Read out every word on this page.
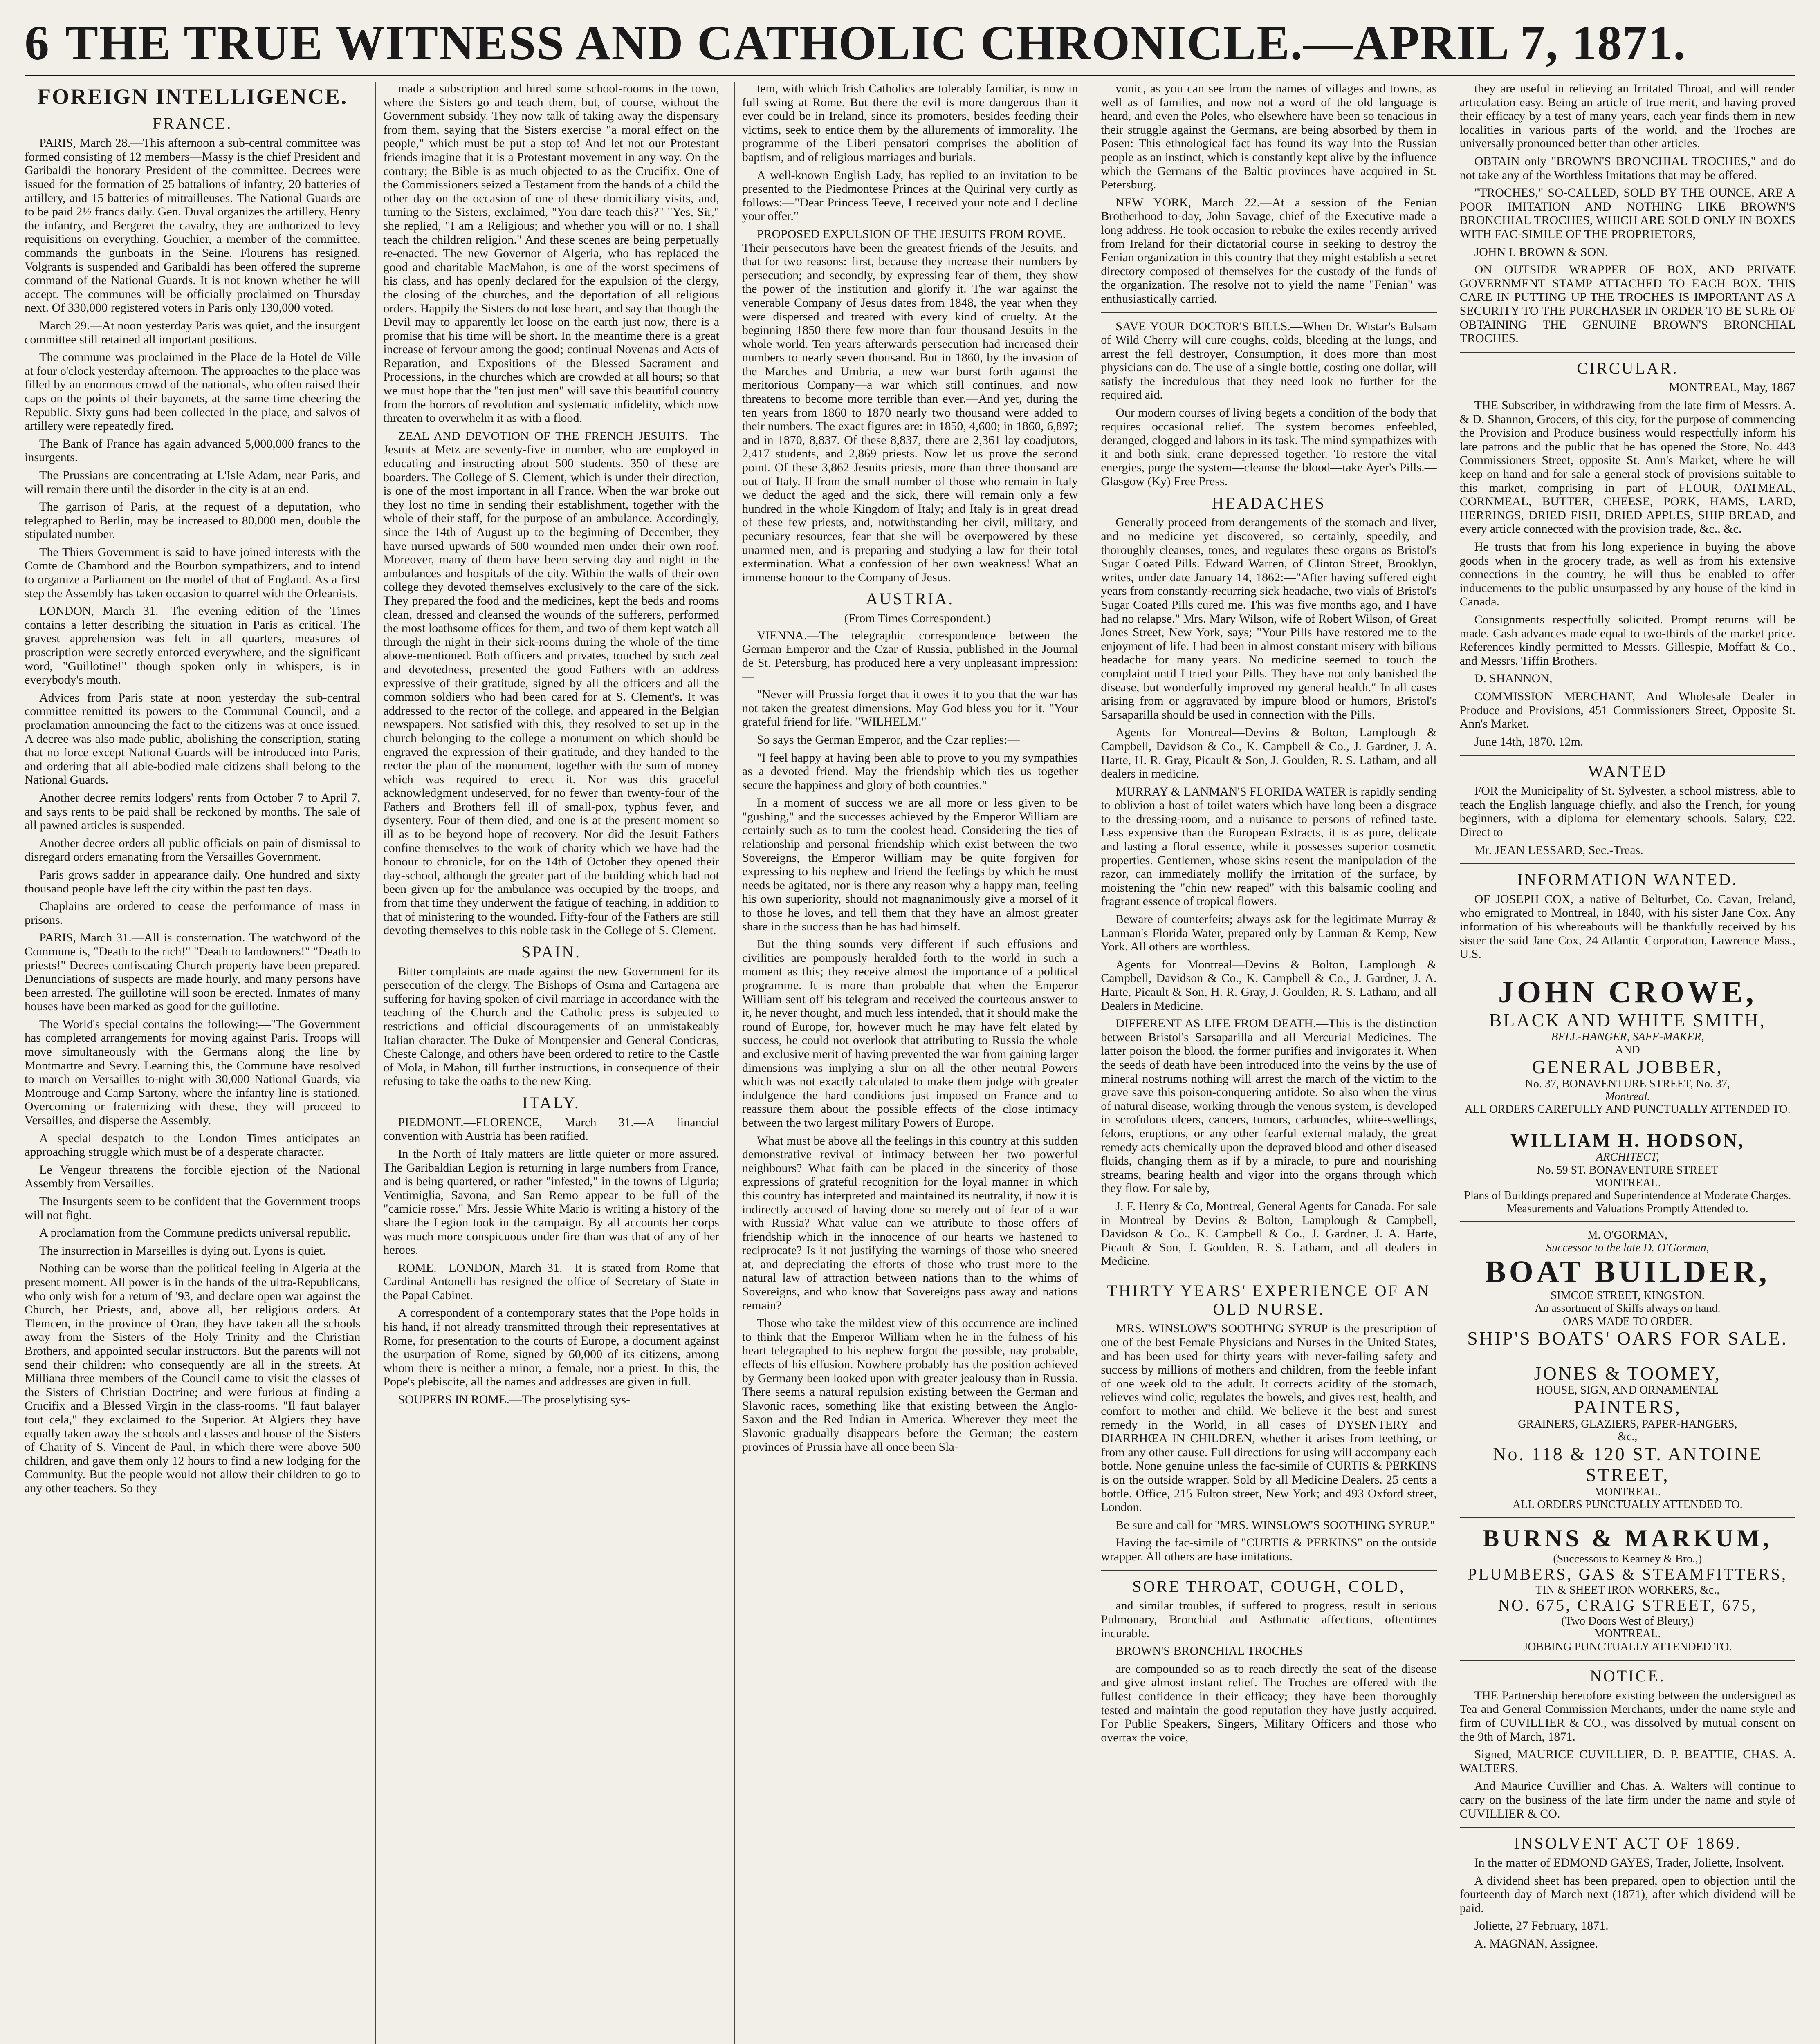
6 THE TRUE WITNESS AND CATHOLIC CHRONICLE.—APRIL 7, 1871.
FOREIGN INTELLIGENCE.
FRANCE.

PARIS, March 28.—This afternoon a sub-central committee was formed consisting of 12 members—Massy is the chief President and Garibaldi the honorary President of the committee. Decrees were issued for the formation of 25 battalions of infantry, 20 batteries of artillery, and 15 batteries of mitrailleuses. The National Guards are to be paid 2½ francs daily. Gen. Duval organizes the artillery, Henry the infantry, and Bergeret the cavalry, they are authorized to levy requisitions on everything. Gouchier, a member of the committee, commands the gunboats in the Seine. Flourens has resigned. Volgrants is suspended and Garibaldi has been offered the supreme command of the National Guards. It is not known whether he will accept. The communes will be officially proclaimed on Thursday next. Of 330,000 registered voters in Paris only 130,000 voted.

March 29.—At noon yesterday Paris was quiet, and the insurgent committee still retained all important positions.

The commune was proclaimed in the Place de la Hotel de Ville at four o'clock yesterday afternoon. The approaches to the place was filled by an enormous crowd of the nationals, who often raised their caps on the points of their bayonets, at the same time cheering the Republic. Sixty guns had been collected in the place, and salvos of artillery were repeatedly fired.

The Bank of France has again advanced 5,000,000 francs to the insurgents.

The Prussians are concentrating at L'Isle Adam, near Paris, and will remain there until the disorder in the city is at an end.

The garrison of Paris, at the request of a deputation, who telegraphed to Berlin, may be increased to 80,000 men, double the stipulated number.

The Thiers Government is said to have joined interests with the Comte de Chambord and the Bourbon sympathizers, and to intend to organize a Parliament on the model of that of England. As a first step the Assembly has taken occasion to quarrel with the Orleanists.

LONDON, March 31.—The evening edition of the Times contains a letter describing the situation in Paris as critical. The gravest apprehension was felt in all quarters, measures of proscription were secretly enforced everywhere, and the significant word, "Guillotine!" though spoken only in whispers, is in everybody's mouth.

Advices from Paris state at noon yesterday the sub-central committee remitted its powers to the Communal Council, and a proclamation announcing the fact to the citizens was at once issued. A decree was also made public, abolishing the conscription, stating that no force except National Guards will be introduced into Paris, and ordering that all able-bodied male citizens shall belong to the National Guards.

Another decree remits lodgers' rents from October 7 to April 7, and says rents to be paid shall be reckoned by months. The sale of all pawned articles is suspended.

Another decree orders all public officials on pain of dismissal to disregard orders emanating from the Versailles Government.

Paris grows sadder in appearance daily. One hundred and sixty thousand people have left the city within the past ten days.

Chaplains are ordered to cease the performance of mass in prisons.

PARIS, March 31.—All is consternation. The watchword of the Commune is, "Death to the rich!" "Death to landowners!" "Death to priests!" Decrees confiscating Church property have been prepared. Denunciations of suspects are made hourly, and many persons have been arrested. The guillotine will soon be erected. Inmates of many houses have been marked as good for the guillotine.

The World's special contains the following:—"The Government has completed arrangements for moving against Paris. Troops will move simultaneously with the Germans along the line by Montmartre and Sevry. Learning this, the Commune have resolved to march on Versailles to-night with 30,000 National Guards, via Montrouge and Camp Sartony, where the infantry line is stationed. Overcoming or fraternizing with these, they will proceed to Versailles, and disperse the Assembly.

A special despatch to the London Times anticipates an approaching struggle which must be of a desperate character.

Le Vengeur threatens the forcible ejection of the National Assembly from Versailles.

The Insurgents seem to be confident that the Government troops will not fight.

A proclamation from the Commune predicts universal republic.

The insurrection in Marseilles is dying out. Lyons is quiet.

Nothing can be worse than the political feeling in Algeria at the present moment. All power is in the hands of the ultra-Republicans, who only wish for a return of '93, and declare open war against the Church, her Priests, and, above all, her religious orders. At Tlemcen, in the province of Oran, they have taken all the schools away from the Sisters of the Holy Trinity and the Christian Brothers, and appointed secular instructors. But the parents will not send their children: who consequently are all in the streets. At Milliana three members of the Council came to visit the classes of the Sisters of Christian Doctrine; and were furious at finding a Crucifix and a Blessed Virgin in the class-rooms. "Il faut balayer tout cela," they exclaimed to the Superior. At Algiers they have equally taken away the schools and classes and house of the Sisters of Charity of S. Vincent de Paul, in which there were above 500 children, and gave them only 12 hours to find a new lodging for the Community. But the people would not allow their children to go to any other teachers. So they

made a subscription and hired some school-rooms in the town, where the Sisters go and teach them, but, of course, without the Government subsidy. They now talk of taking away the dispensary from them, saying that the Sisters exercise "a moral effect on the people," which must be put a stop to! And let not our Protestant friends imagine that it is a Protestant movement in any way. On the contrary; the Bible is as much objected to as the Crucifix. One of the Commissioners seized a Testament from the hands of a child the other day on the occasion of one of these domiciliary visits, and, turning to the Sisters, exclaimed, "You dare teach this?" "Yes, Sir," she replied, "I am a Religious; and whether you will or no, I shall teach the children religion." And these scenes are being perpetually re-enacted. The new Governor of Algeria, who has replaced the good and charitable MacMahon, is one of the worst specimens of his class, and has openly declared for the expulsion of the clergy, the closing of the churches, and the deportation of all religious orders. Happily the Sisters do not lose heart, and say that though the Devil may to apparently let loose on the earth just now, there is a promise that his time will be short. In the meantime there is a great increase of fervour among the good; continual Novenas and Acts of Reparation, and Expositions of the Blessed Sacrament and Processions, in the churches which are crowded at all hours; so that we must hope that the "ten just men" will save this beautiful country from the horrors of revolution and systematic infidelity, which now threaten to overwhelm it as with a flood.

ZEAL AND DEVOTION OF THE FRENCH JESUITS.—The Jesuits at Metz are seventy-five in number, who are employed in educating and instructing about 500 students. 350 of these are boarders. The College of S. Clement, which is under their direction, is one of the most important in all France. When the war broke out they lost no time in sending their establishment, together with the whole of their staff, for the purpose of an ambulance. Accordingly, since the 14th of August up to the beginning of December, they have nursed upwards of 500 wounded men under their own roof. Moreover, many of them have been serving day and night in the ambulances and hospitals of the city. Within the walls of their own college they devoted themselves exclusively to the care of the sick. They prepared the food and the medicines, kept the beds and rooms clean, dressed and cleansed the wounds of the sufferers, performed the most loathsome offices for them, and two of them kept watch all through the night in their sick-rooms during the whole of the time above-mentioned. Both officers and privates, touched by such zeal and devotedness, presented the good Fathers with an address expressive of their gratitude, signed by all the officers and all the common soldiers who had been cared for at S. Clement's. It was addressed to the rector of the college, and appeared in the Belgian newspapers. Not satisfied with this, they resolved to set up in the church belonging to the college a monument on which should be engraved the expression of their gratitude, and they handed to the rector the plan of the monument, together with the sum of money which was required to erect it. Nor was this graceful acknowledgment undeserved, for no fewer than twenty-four of the Fathers and Brothers fell ill of small-pox, typhus fever, and dysentery. Four of them died, and one is at the present moment so ill as to be beyond hope of recovery. Nor did the Jesuit Fathers confine themselves to the work of charity which we have had the honour to chronicle, for on the 14th of October they opened their day-school, although the greater part of the building which had not been given up for the ambulance was occupied by the troops, and from that time they underwent the fatigue of teaching, in addition to that of ministering to the wounded. Fifty-four of the Fathers are still devoting themselves to this noble task in the College of S. Clement.

SPAIN.

Bitter complaints are made against the new Government for its persecution of the clergy. The Bishops of Osma and Cartagena are suffering for having spoken of civil marriage in accordance with the teaching of the Church and the Catholic press is subjected to restrictions and official discouragements of an unmistakeably Italian character. The Duke of Montpensier and General Conticras, Cheste Calonge, and others have been ordered to retire to the Castle of Mola, in Mahon, till further instructions, in consequence of their refusing to take the oaths to the new King.

ITALY.

PIEDMONT.—FLORENCE, March 31.—A financial convention with Austria has been ratified.

In the North of Italy matters are little quieter or more assured. The Garibaldian Legion is returning in large numbers from France, and is being quartered, or rather "infested," in the towns of Liguria; Ventimiglia, Savona, and San Remo appear to be full of the "camicie rosse." Mrs. Jessie White Mario is writing a history of the share the Legion took in the campaign. By all accounts her corps was much more conspicuous under fire than was that of any of her heroes.

ROME.—LONDON, March 31.—It is stated from Rome that Cardinal Antonelli has resigned the office of Secretary of State in the Papal Cabinet.

A correspondent of a contemporary states that the Pope holds in his hand, if not already transmitted through their representatives at Rome, for presentation to the courts of Europe, a document against the usurpation of Rome, signed by 60,000 of its citizens, among whom there is neither a minor, a female, nor a priest. In this, the Pope's plebiscite, all the names and addresses are given in full.

SOUPERS IN ROME.—The proselytising sys-

tem, with which Irish Catholics are tolerably familiar, is now in full swing at Rome. But there the evil is more dangerous than it ever could be in Ireland, since its promoters, besides feeding their victims, seek to entice them by the allurements of immorality. The programme of the Liberi pensatori comprises the abolition of baptism, and of religious marriages and burials.

A well-known English Lady, has replied to an invitation to be presented to the Piedmontese Princes at the Quirinal very curtly as follows:—"Dear Princess Teeve, I received your note and I decline your offer."

PROPOSED EXPULSION OF THE JESUITS FROM ROME.—Their persecutors have been the greatest friends of the Jesuits, and that for two reasons: first, because they increase their numbers by persecution; and secondly, by expressing fear of them, they show the power of the institution and glorify it. The war against the venerable Company of Jesus dates from 1848, the year when they were dispersed and treated with every kind of cruelty. At the beginning 1850 there few more than four thousand Jesuits in the whole world. Ten years afterwards persecution had increased their numbers to nearly seven thousand. But in 1860, by the invasion of the Marches and Umbria, a new war burst forth against the meritorious Company—a war which still continues, and now threatens to become more terrible than ever.—And yet, during the ten years from 1860 to 1870 nearly two thousand were added to their numbers. The exact figures are: in 1850, 4,600; in 1860, 6,897; and in 1870, 8,837. Of these 8,837, there are 2,361 lay coadjutors, 2,417 students, and 2,869 priests. Now let us prove the second point. Of these 3,862 Jesuits priests, more than three thousand are out of Italy. If from the small number of those who remain in Italy we deduct the aged and the sick, there will remain only a few hundred in the whole Kingdom of Italy; and Italy is in great dread of these few priests, and, notwithstanding her civil, military, and pecuniary resources, fear that she will be overpowered by these unarmed men, and is preparing and studying a law for their total extermination. What a confession of her own weakness! What an immense honour to the Company of Jesus.

AUSTRIA.

(From Times Correspondent.)

VIENNA.—The telegraphic correspondence between the German Emperor and the Czar of Russia, published in the Journal de St. Petersburg, has produced here a very unpleasant impression:—

"Never will Prussia forget that it owes it to you that the war has not taken the greatest dimensions. May God bless you for it. "Your grateful friend for life. "WILHELM."

So says the German Emperor, and the Czar replies:—

"I feel happy at having been able to prove to you my sympathies as a devoted friend. May the friendship which ties us together secure the happiness and glory of both countries."

In a moment of success we are all more or less given to be "gushing," and the successes achieved by the Emperor William are certainly such as to turn the coolest head. Considering the ties of relationship and personal friendship which exist between the two Sovereigns, the Emperor William may be quite forgiven for expressing to his nephew and friend the feelings by which he must needs be agitated, nor is there any reason why a happy man, feeling his own superiority, should not magnanimously give a morsel of it to those he loves, and tell them that they have an almost greater share in the success than he has had himself.

But the thing sounds very different if such effusions and civilities are pompously heralded forth to the world in such a moment as this; they receive almost the importance of a political programme. It is more than probable that when the Emperor William sent off his telegram and received the courteous answer to it, he never thought, and much less intended, that it should make the round of Europe, for, however much he may have felt elated by success, he could not overlook that attributing to Russia the whole and exclusive merit of having prevented the war from gaining larger dimensions was implying a slur on all the other neutral Powers which was not exactly calculated to make them judge with greater indulgence the hard conditions just imposed on France and to reassure them about the possible effects of the close intimacy between the two largest military Powers of Europe.

What must be above all the feelings in this country at this sudden demonstrative revival of intimacy between her two powerful neighbours? What faith can be placed in the sincerity of those expressions of grateful recognition for the loyal manner in which this country has interpreted and maintained its neutrality, if now it is indirectly accused of having done so merely out of fear of a war with Russia? What value can we attribute to those offers of friendship which in the innocence of our hearts we hastened to reciprocate? Is it not justifying the warnings of those who sneered at, and depreciating the efforts of those who trust more to the natural law of attraction between nations than to the whims of Sovereigns, and who know that Sovereigns pass away and nations remain?

Those who take the mildest view of this occurrence are inclined to think that the Emperor William when he in the fulness of his heart telegraphed to his nephew forgot the possible, nay probable, effects of his effusion. Nowhere probably has the position achieved by Germany been looked upon with greater jealousy than in Russia. There seems a natural repulsion existing between the German and Slavonic races, something like that existing between the Anglo-Saxon and the Red Indian in America. Wherever they meet the Slavonic gradually disappears before the German; the eastern provinces of Prussia have all once been Sla-

vonic, as you can see from the names of villages and towns, as well as of families, and now not a word of the old language is heard, and even the Poles, who elsewhere have been so tenacious in their struggle against the Germans, are being absorbed by them in Posen: This ethnological fact has found its way into the Russian people as an instinct, which is constantly kept alive by the influence which the Germans of the Baltic provinces have acquired in St. Petersburg.

NEW YORK, March 22.—At a session of the Fenian Brotherhood to-day, John Savage, chief of the Executive made a long address. He took occasion to rebuke the exiles recently arrived from Ireland for their dictatorial course in seeking to destroy the Fenian organization in this country that they might establish a secret directory composed of themselves for the custody of the funds of the organization. The resolve not to yield the name "Fenian" was enthusiastically carried.

SAVE YOUR DOCTOR'S BILLS.—When Dr. Wistar's Balsam of Wild Cherry will cure coughs, colds, bleeding at the lungs, and arrest the fell destroyer, Consumption, it does more than most physicians can do. The use of a single bottle, costing one dollar, will satisfy the incredulous that they need look no further for the required aid.

Our modern courses of living begets a condition of the body that requires occasional relief. The system becomes enfeebled, deranged, clogged and labors in its task. The mind sympathizes with it and both sink, crane depressed together. To restore the vital energies, purge the system—cleanse the blood—take Ayer's Pills.—Glasgow (Ky) Free Press.

HEADACHES

Generally proceed from derangements of the stomach and liver, and no medicine yet discovered, so certainly, speedily, and thoroughly cleanses, tones, and regulates these organs as Bristol's Sugar Coated Pills. Edward Warren, of Clinton Street, Brooklyn, writes, under date January 14, 1862:—"After having suffered eight years from constantly-recurring sick headache, two vials of Bristol's Sugar Coated Pills cured me. This was five months ago, and I have had no relapse." Mrs. Mary Wilson, wife of Robert Wilson, of Great Jones Street, New York, says; "Your Pills have restored me to the enjoyment of life. I had been in almost constant misery with bilious headache for many years. No medicine seemed to touch the complaint until I tried your Pills. They have not only banished the disease, but wonderfully improved my general health." In all cases arising from or aggravated by impure blood or humors, Bristol's Sarsaparilla should be used in connection with the Pills.

Agents for Montreal—Devins & Bolton, Lamplough & Campbell, Davidson & Co., K. Campbell & Co., J. Gardner, J. A. Harte, H. R. Gray, Picault & Son, J. Goulden, R. S. Latham, and all dealers in medicine.

MURRAY & LANMAN'S FLORIDA WATER is rapidly sending to oblivion a host of toilet waters which have long been a disgrace to the dressing-room, and a nuisance to persons of refined taste. Less expensive than the European Extracts, it is as pure, delicate and lasting a floral essence, while it possesses superior cosmetic properties. Gentlemen, whose skins resent the manipulation of the razor, can immediately mollify the irritation of the surface, by moistening the "chin new reaped" with this balsamic cooling and fragrant essence of tropical flowers.

Beware of counterfeits; always ask for the legitimate Murray & Lanman's Florida Water, prepared only by Lanman & Kemp, New York. All others are worthless.

Agents for Montreal—Devins & Bolton, Lamplough & Campbell, Davidson & Co., K. Campbell & Co., J. Gardner, J. A. Harte, Picault & Son, H. R. Gray, J. Goulden, R. S. Latham, and all Dealers in Medicine.

DIFFERENT AS LIFE FROM DEATH.—This is the distinction between Bristol's Sarsaparilla and all Mercurial Medicines. The latter poison the blood, the former purifies and invigorates it. When the seeds of death have been introduced into the veins by the use of mineral nostrums nothing will arrest the march of the victim to the grave save this poison-conquering antidote. So also when the virus of natural disease, working through the venous system, is developed in scrofulous ulcers, cancers, tumors, carbuncles, white-swellings, felons, eruptions, or any other fearful external malady, the great remedy acts chemically upon the depraved blood and other diseased fluids, changing them as if by a miracle, to pure and nourishing streams, bearing health and vigor into the organs through which they flow. For sale by,

J. F. Henry & Co, Montreal, General Agents for Canada. For sale in Montreal by Devins & Bolton, Lamplough & Campbell, Davidson & Co., K. Campbell & Co., J. Gardner, J. A. Harte, Picault & Son, J. Goulden, R. S. Latham, and all dealers in Medicine.

THIRTY YEARS' EXPERIENCE OF AN OLD NURSE.

MRS. WINSLOW'S SOOTHING SYRUP is the prescription of one of the best Female Physicians and Nurses in the United States, and has been used for thirty years with never-failing safety and success by millions of mothers and children, from the feeble infant of one week old to the adult. It corrects acidity of the stomach, relieves wind colic, regulates the bowels, and gives rest, health, and comfort to mother and child. We believe it the best and surest remedy in the World, in all cases of DYSENTERY and DIARRHŒA IN CHILDREN, whether it arises from teething, or from any other cause. Full directions for using will accompany each bottle. None genuine unless the fac-simile of CURTIS & PERKINS is on the outside wrapper. Sold by all Medicine Dealers. 25 cents a bottle. Office, 215 Fulton street, New York; and 493 Oxford street, London.

Be sure and call for "MRS. WINSLOW'S SOOTHING SYRUP."

Having the fac-simile of "CURTIS & PERKINS" on the outside wrapper. All others are base imitations.

SORE THROAT, COUGH, COLD,

and similar troubles, if suffered to progress, result in serious Pulmonary, Bronchial and Asthmatic affections, oftentimes incurable.

BROWN'S BRONCHIAL TROCHES

are compounded so as to reach directly the seat of the disease and give almost instant relief. The Troches are offered with the fullest confidence in their efficacy; they have been thoroughly tested and maintain the good reputation they have justly acquired. For Public Speakers, Singers, Military Officers and those who overtax the voice,

they are useful in relieving an Irritated Throat, and will render articulation easy. Being an article of true merit, and having proved their efficacy by a test of many years, each year finds them in new localities in various parts of the world, and the Troches are universally pronounced better than other articles.

OBTAIN only "BROWN'S BRONCHIAL TROCHES," and do not take any of the Worthless Imitations that may be offered.

"TROCHES," SO-CALLED, SOLD BY THE OUNCE, ARE A POOR IMITATION AND NOTHING LIKE BROWN'S BRONCHIAL TROCHES, WHICH ARE SOLD ONLY IN BOXES WITH FAC-SIMILE OF THE PROPRIETORS,

JOHN I. BROWN & SON.

ON OUTSIDE WRAPPER OF BOX, AND PRIVATE GOVERNMENT STAMP ATTACHED TO EACH BOX. THIS CARE IN PUTTING UP THE TROCHES IS IMPORTANT AS A SECURITY TO THE PURCHASER IN ORDER TO BE SURE OF OBTAINING THE GENUINE BROWN'S BRONCHIAL TROCHES.

CIRCULAR.

MONTREAL, May, 1867

THE Subscriber, in withdrawing from the late firm of Messrs. A. & D. Shannon, Grocers, of this city, for the purpose of commencing the Provision and Produce business would respectfully inform his late patrons and the public that he has opened the Store, No. 443 Commissioners Street, opposite St. Ann's Market, where he will keep on hand and for sale a general stock of provisions suitable to this market, comprising in part of FLOUR, OATMEAL, CORNMEAL, BUTTER, CHEESE, PORK, HAMS, LARD, HERRINGS, DRIED FISH, DRIED APPLES, SHIP BREAD, and every article connected with the provision trade, &c., &c.

He trusts that from his long experience in buying the above goods when in the grocery trade, as well as from his extensive connections in the country, he will thus be enabled to offer inducements to the public unsurpassed by any house of the kind in Canada.

Consignments respectfully solicited. Prompt returns will be made. Cash advances made equal to two-thirds of the market price. References kindly permitted to Messrs. Gillespie, Moffatt & Co., and Messrs. Tiffin Brothers.

D. SHANNON,

COMMISSION MERCHANT, And Wholesale Dealer in Produce and Provisions, 451 Commissioners Street, Opposite St. Ann's Market.

June 14th, 1870. 12m.

WANTED

FOR the Municipality of St. Sylvester, a school mistress, able to teach the English language chiefly, and also the French, for young beginners, with a diploma for elementary schools. Salary, £22. Direct to

Mr. JEAN LESSARD, Sec.-Treas.

INFORMATION WANTED.

OF JOSEPH COX, a native of Belturbet, Co. Cavan, Ireland, who emigrated to Montreal, in 1840, with his sister Jane Cox. Any information of his whereabouts will be thankfully received by his sister the said Jane Cox, 24 Atlantic Corporation, Lawrence Mass., U.S.

JOHN CROWE,
BLACK AND WHITE SMITH,
BELL-HANGER, SAFE-MAKER,
AND
GENERAL JOBBER,
No. 37, BONAVENTURE STREET, No. 37,
Montreal.
ALL ORDERS CAREFULLY AND PUNCTUALLY ATTENDED TO.
WILLIAM H. HODSON,
ARCHITECT,
No. 59 ST. BONAVENTURE STREET
MONTREAL.
Plans of Buildings prepared and Superintendence at Moderate Charges.
Measurements and Valuations Promptly Attended to.
M. O'GORMAN,
Successor to the late D. O'Gorman,
BOAT BUILDER,
SIMCOE STREET, KINGSTON.
An assortment of Skiffs always on hand.
OARS MADE TO ORDER.
SHIP'S BOATS' OARS FOR SALE.
JONES & TOOMEY,
HOUSE, SIGN, AND ORNAMENTAL
PAINTERS,
GRAINERS, GLAZIERS, PAPER-HANGERS,
&c.,
No. 118 & 120 ST. ANTOINE STREET,
MONTREAL.
ALL ORDERS PUNCTUALLY ATTENDED TO.
BURNS & MARKUM,
(Successors to Kearney & Bro.,)
PLUMBERS, GAS & STEAMFITTERS,
TIN & SHEET IRON WORKERS, &c.,
NO. 675, CRAIG STREET, 675,
(Two Doors West of Bleury,)
MONTREAL.
JOBBING PUNCTUALLY ATTENDED TO.
NOTICE.

THE Partnership heretofore existing between the undersigned as Tea and General Commission Merchants, under the name style and firm of CUVILLIER & CO., was dissolved by mutual consent on the 9th of March, 1871.

Signed, MAURICE CUVILLIER, D. P. BEATTIE, CHAS. A. WALTERS.

And Maurice Cuvillier and Chas. A. Walters will continue to carry on the business of the late firm under the name and style of CUVILLIER & CO.

INSOLVENT ACT OF 1869.

In the matter of EDMOND GAYES, Trader, Joliette, Insolvent.

A dividend sheet has been prepared, open to objection until the fourteenth day of March next (1871), after which dividend will be paid.

Joliette, 27 February, 1871.

A. MAGNAN, Assignee.
